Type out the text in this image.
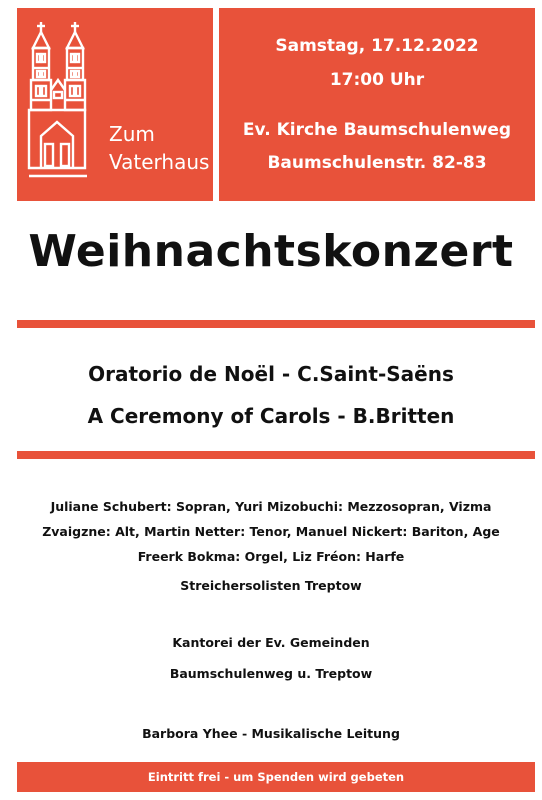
Zum
Vaterhaus
Samstag, 17.12.2022
17:00 Uhr
Ev. Kirche Baumschulenweg
Baumschulenstr. 82-83
Weihnachtskonzert
Oratorio de Noël - C.Saint-Saëns
A Ceremony of Carols - B.Britten
Juliane Schubert: Sopran, Yuri Mizobuchi: Mezzosopran, Vizma
Zvaigzne: Alt, Martin Netter: Tenor, Manuel Nickert: Bariton, Age
Freerk Bokma: Orgel, Liz Fréon: Harfe
Streichersolisten Treptow
Kantorei der Ev. Gemeinden
Baumschulenweg u. Treptow
Barbora Yhee - Musikalische Leitung
Eintritt frei - um Spenden wird gebeten
